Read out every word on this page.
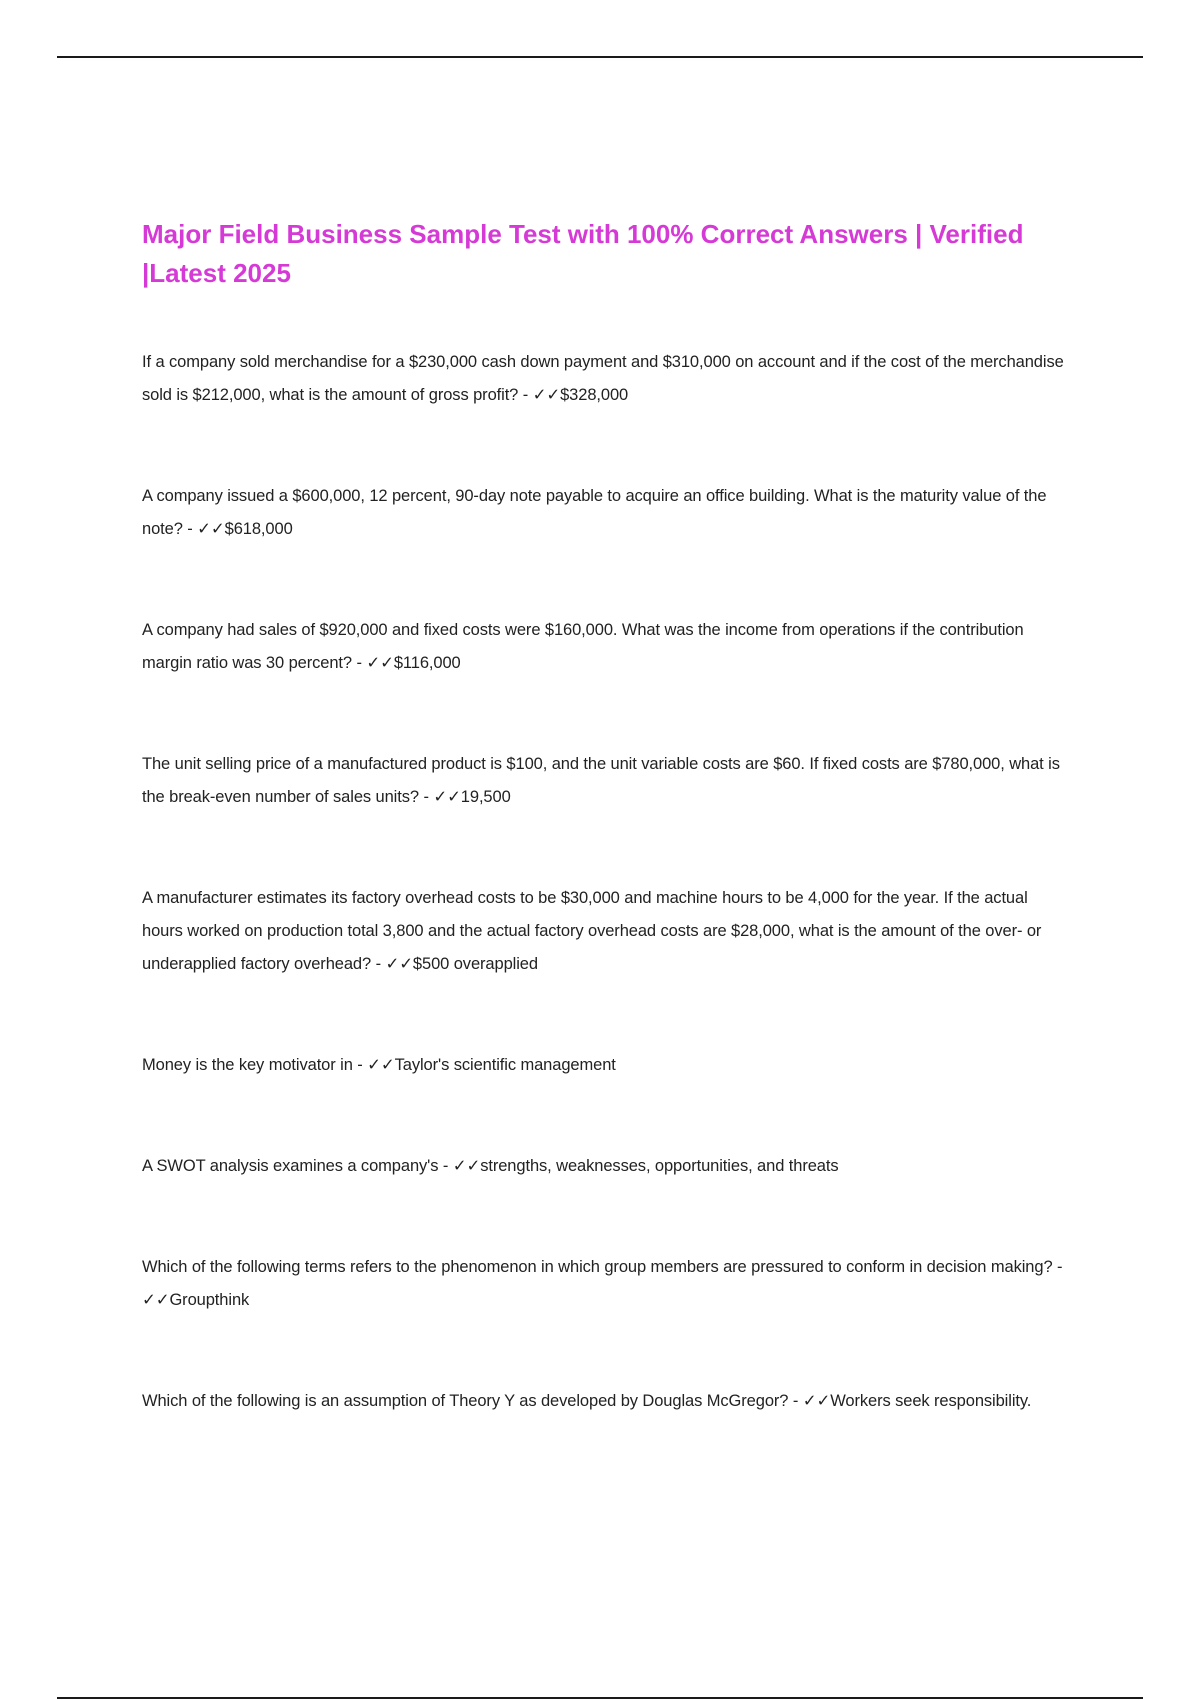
Major Field Business Sample Test with 100% Correct Answers | Verified |Latest 2025

If a company sold merchandise for a $230,000 cash down payment and $310,000 on account and if the cost of the merchandise sold is $212,000, what is the amount of gross profit? - ✓✓$328,000

A company issued a $600,000, 12 percent, 90-day note payable to acquire an office building. What is the maturity value of the note? - ✓✓$618,000

A company had sales of $920,000 and fixed costs were $160,000. What was the income from operations if the contribution margin ratio was 30 percent? - ✓✓$116,000

The unit selling price of a manufactured product is $100, and the unit variable costs are $60. If fixed costs are $780,000, what is the break-even number of sales units? - ✓✓19,500

A manufacturer estimates its factory overhead costs to be $30,000 and machine hours to be 4,000 for the year. If the actual hours worked on production total 3,800 and the actual factory overhead costs are $28,000, what is the amount of the over- or underapplied factory overhead? - ✓✓$500 overapplied

Money is the key motivator in - ✓✓Taylor's scientific management

A SWOT analysis examines a company's - ✓✓strengths, weaknesses, opportunities, and threats

Which of the following terms refers to the phenomenon in which group members are pressured to conform in decision making? - ✓✓Groupthink

Which of the following is an assumption of Theory Y as developed by Douglas McGregor? - ✓✓Workers seek responsibility.
